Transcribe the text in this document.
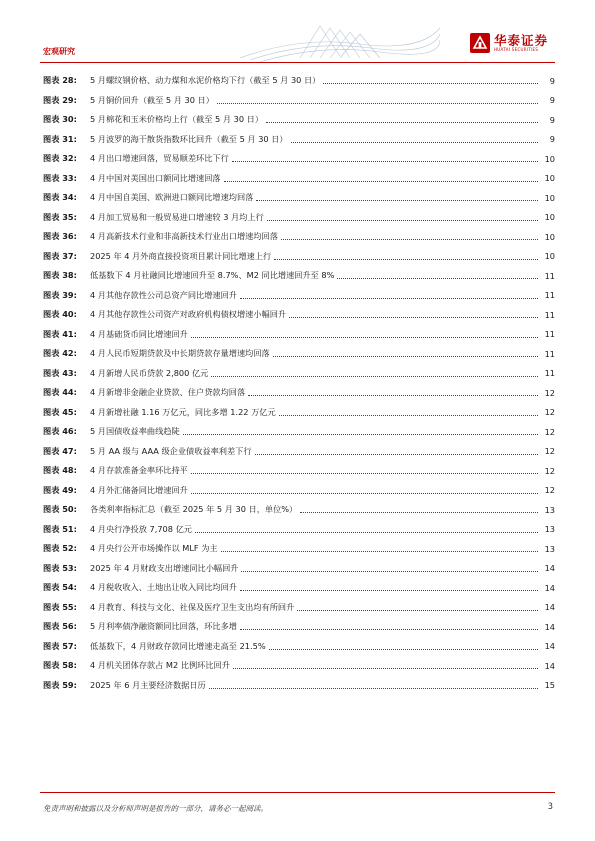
宏观研究
华泰证券
HUATAI SECURITIES
图表 28:	5 月螺纹钢价格、动力煤和水泥价格均下行（截至 5 月 30 日）	9
图表 29:	5 月铜价回升（截至 5 月 30 日）	9
图表 30:	5 月棉花和玉米价格均上行（截至 5 月 30 日）	9
图表 31:	5 月波罗的海干散货指数环比回升（截至 5 月 30 日）	9
图表 32:	4 月出口增速回落，贸易顺差环比下行	10
图表 33:	4 月中国对美国出口额同比增速回落	10
图表 34:	4 月中国自美国、欧洲进口额同比增速均回落	10
图表 35:	4 月加工贸易和一般贸易进口增速较 3 月均上行	10
图表 36:	4 月高新技术行业和非高新技术行业出口增速均回落	10
图表 37:	2025 年 4 月外商直接投资项目累计同比增速上行	10
图表 38:	低基数下 4 月社融同比增速回升至 8.7%、M2 同比增速回升至 8%	11
图表 39:	4 月其他存款性公司总资产同比增速回升	11
图表 40:	4 月其他存款性公司资产对政府机构债权增速小幅回升	11
图表 41:	4 月基础货币同比增速回升	11
图表 42:	4 月人民币短期贷款及中长期贷款存量增速均回落	11
图表 43:	4 月新增人民币贷款 2,800 亿元	11
图表 44:	4 月新增非金融企业贷款、住户贷款均回落	12
图表 45:	4 月新增社融 1.16 万亿元，同比多增 1.22 万亿元	12
图表 46:	5 月国债收益率曲线趋陡	12
图表 47:	5 月 AA 级与 AAA 级企业债收益率利差下行	12
图表 48:	4 月存款准备金率环比持平	12
图表 49:	4 月外汇储备同比增速回升	12
图表 50:	各类利率指标汇总（截至 2025 年 5 月 30 日，单位%）	13
图表 51:	4 月央行净投放 7,708 亿元	13
图表 52:	4 月央行公开市场操作以 MLF 为主	13
图表 53:	2025 年 4 月财政支出增速同比小幅回升	14
图表 54:	4 月税收收入、土地出让收入同比均回升	14
图表 55:	4 月教育、科技与文化、社保及医疗卫生支出均有所回升	14
图表 56:	5 月利率债净融资额同比回落，环比多增	14
图表 57:	低基数下，4 月财政存款同比增速走高至 21.5%	14
图表 58:	4 月机关团体存款占 M2 比例环比回升	14
图表 59:	2025 年 6 月主要经济数据日历	15
免责声明和披露以及分析师声明是报告的一部分，请务必一起阅读。	3
